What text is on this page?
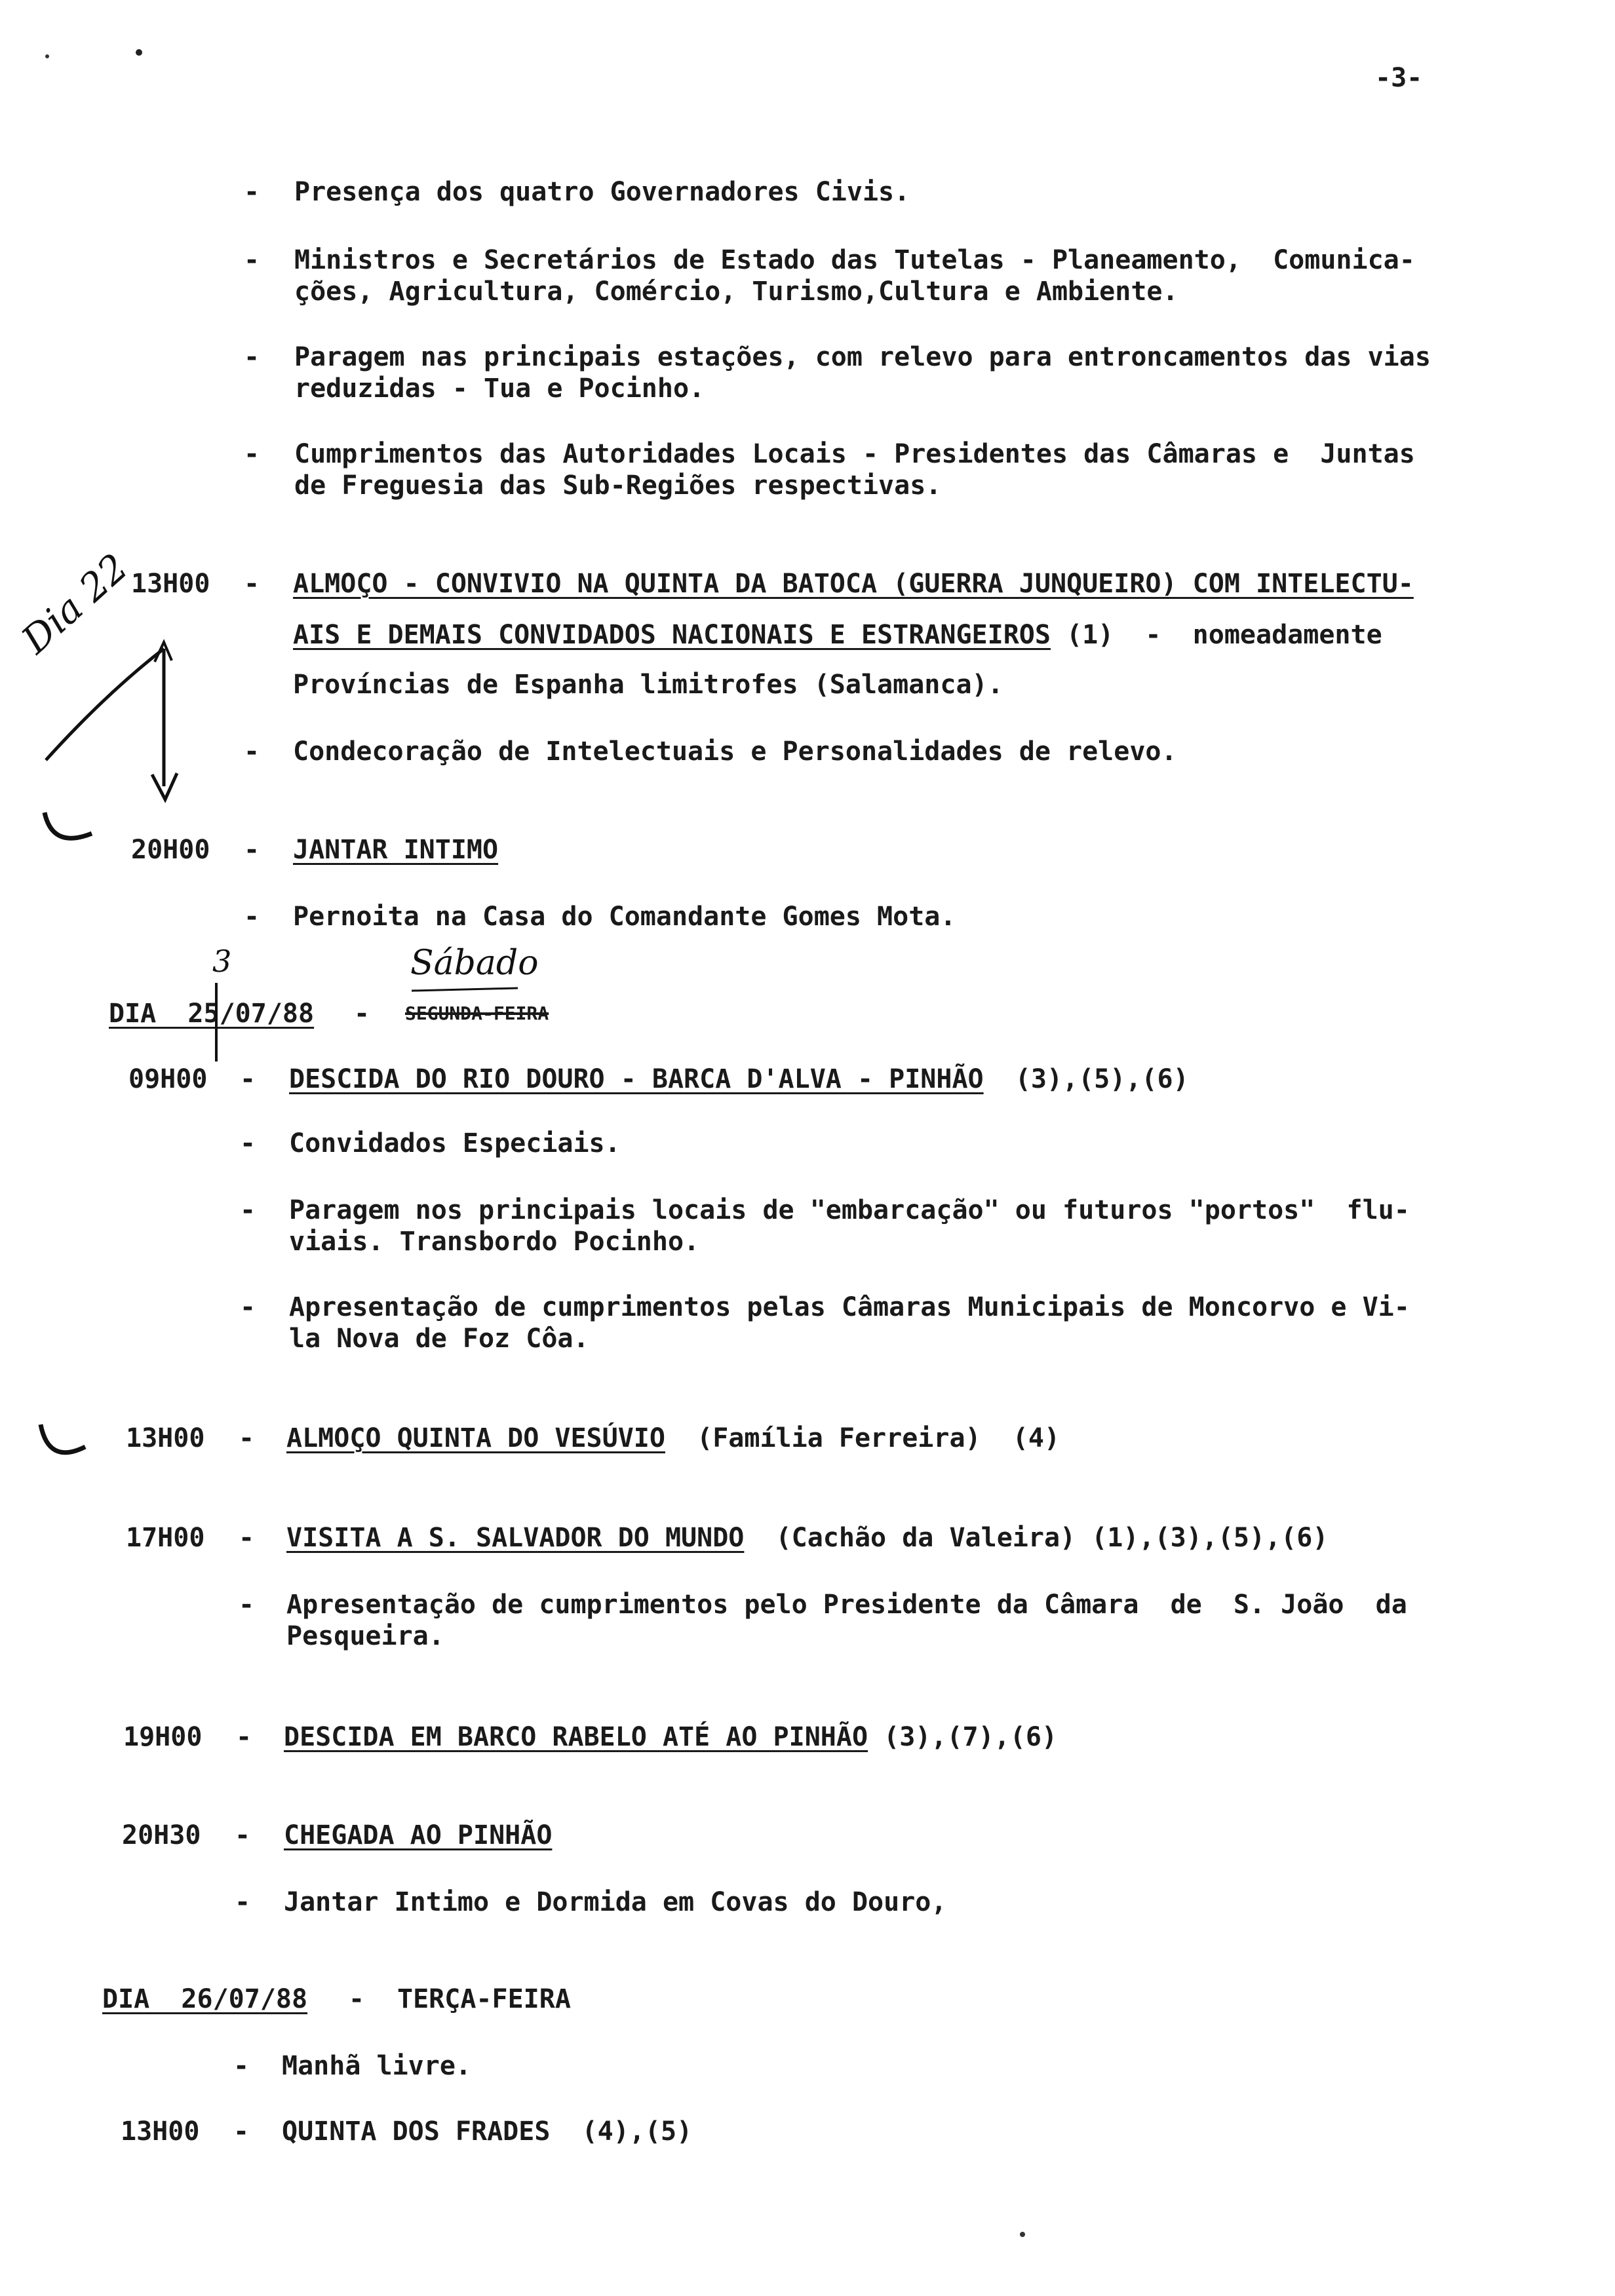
-3-

- Presença dos quatro Governadores Civis.

- Ministros e Secretários de Estado das Tutelas - Planeamento,  Comunica-

ções, Agricultura, Comércio, Turismo,Cultura e Ambiente.

- Paragem nas principais estações, com relevo para entroncamentos das vias

reduzidas - Tua e Pocinho.

- Cumprimentos das Autoridades Locais - Presidentes das Câmaras e  Juntas

de Freguesia das Sub-Regiões respectivas.

13H00 - ALMOÇO - CONVIVIO NA QUINTA DA BATOCA (GUERRA JUNQUEIRO) COM INTELECTU-

AIS E DEMAIS CONVIDADOS NACIONAIS E ESTRANGEIROS (1)  -  nomeadamente

Províncias de Espanha limitrofes (Salamanca).

- Condecoração de Intelectuais e Personalidades de relevo.

20H00 - JANTAR INTIMO

- Pernoita na Casa do Comandante Gomes Mota.

DIA  25/07/88 - SEGUNDA-FEIRA

Sábado

3

09H00 - DESCIDA DO RIO DOURO - BARCA D'ALVA - PINHÃO  (3),(5),(6)

- Convidados Especiais.

- Paragem nos principais locais de "embarcação" ou futuros "portos"  flu-

viais. Transbordo Pocinho.

- Apresentação de cumprimentos pelas Câmaras Municipais de Moncorvo e Vi-

la Nova de Foz Côa.

13H00 - ALMOÇO QUINTA DO VESÚVIO  (Família Ferreira)  (4)

17H00 - VISITA A S. SALVADOR DO MUNDO  (Cachão da Valeira) (1),(3),(5),(6)

- Apresentação de cumprimentos pelo Presidente da Câmara  de  S. João  da

Pesqueira.

19H00 - DESCIDA EM BARCO RABELO ATÉ AO PINHÃO (3),(7),(6)

20H30 - CHEGADA AO PINHÃO

- Jantar Intimo e Dormida em Covas do Douro,

DIA  26/07/88 - TERÇA-FEIRA

- Manhã livre.

13H00 - QUINTA DOS FRADES  (4),(5)

Dia 22
